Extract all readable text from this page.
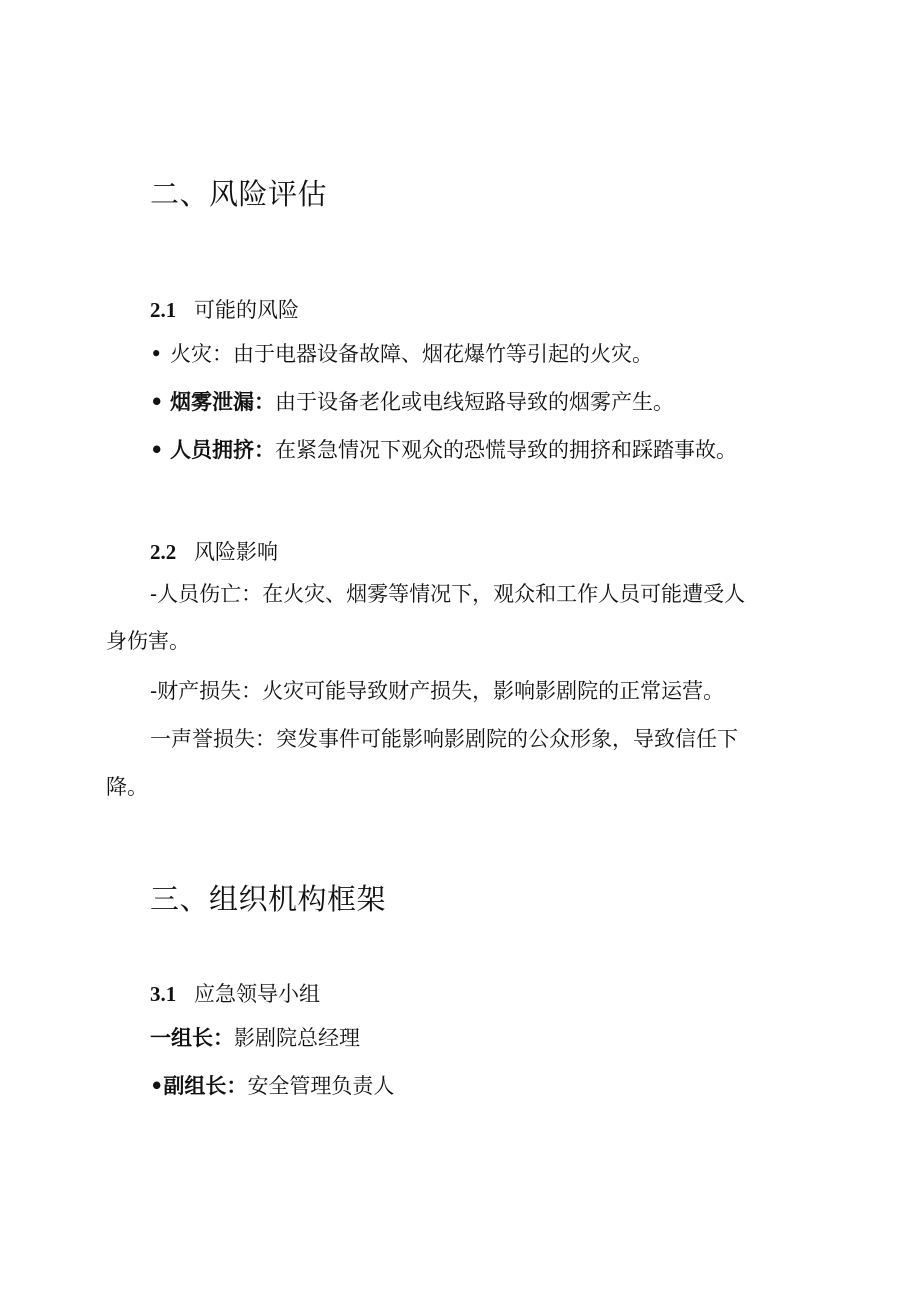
二、风险评估
2.1 可能的风险
• 火灾：由于电器设备故障、烟花爆竹等引起的火灾。
• 烟雾泄漏：由于设备老化或电线短路导致的烟雾产生。
• 人员拥挤：在紧急情况下观众的恐慌导致的拥挤和踩踏事故。
2.2 风险影响
-人员伤亡：在火灾、烟雾等情况下，观众和工作人员可能遭受人
身伤害。
-财产损失：火灾可能导致财产损失，影响影剧院的正常运营。
一声誉损失：突发事件可能影响影剧院的公众形象，导致信任下
降。
三、组织机构框架
3.1 应急领导小组
一组长：影剧院总经理
•副组长：安全管理负责人
